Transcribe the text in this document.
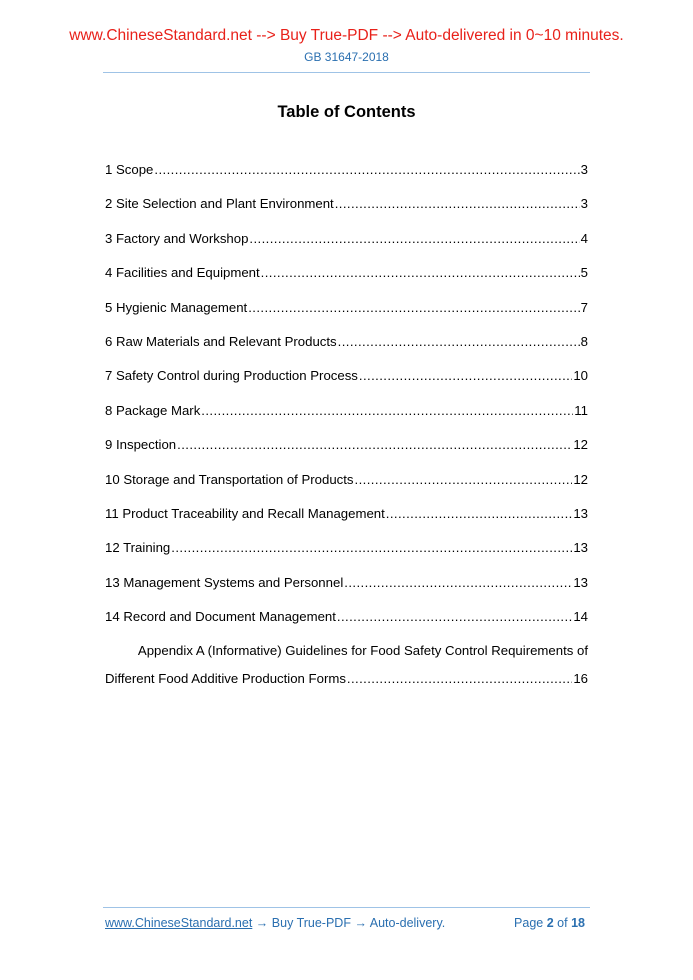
www.ChineseStandard.net --> Buy True-PDF --> Auto-delivered in 0~10 minutes.
GB 31647-2018
Table of Contents
1 Scope .....	3
2 Site Selection and Plant Environment .....	3
3 Factory and Workshop .....	4
4 Facilities and Equipment .....	5
5 Hygienic Management .....	7
6 Raw Materials and Relevant Products .....	8
7 Safety Control during Production Process .....	10
8 Package Mark .....	11
9 Inspection .....	12
10 Storage and Transportation of Products .....	12
11 Product Traceability and Recall Management .....	13
12 Training .....	13
13 Management Systems and Personnel .....	13
14 Record and Document Management .....	14
Appendix A (Informative) Guidelines for Food Safety Control Requirements of
Different Food Additive Production Forms .....	16
www.ChineseStandard.net → Buy True-PDF → Auto-delivery.	Page 2 of 18
